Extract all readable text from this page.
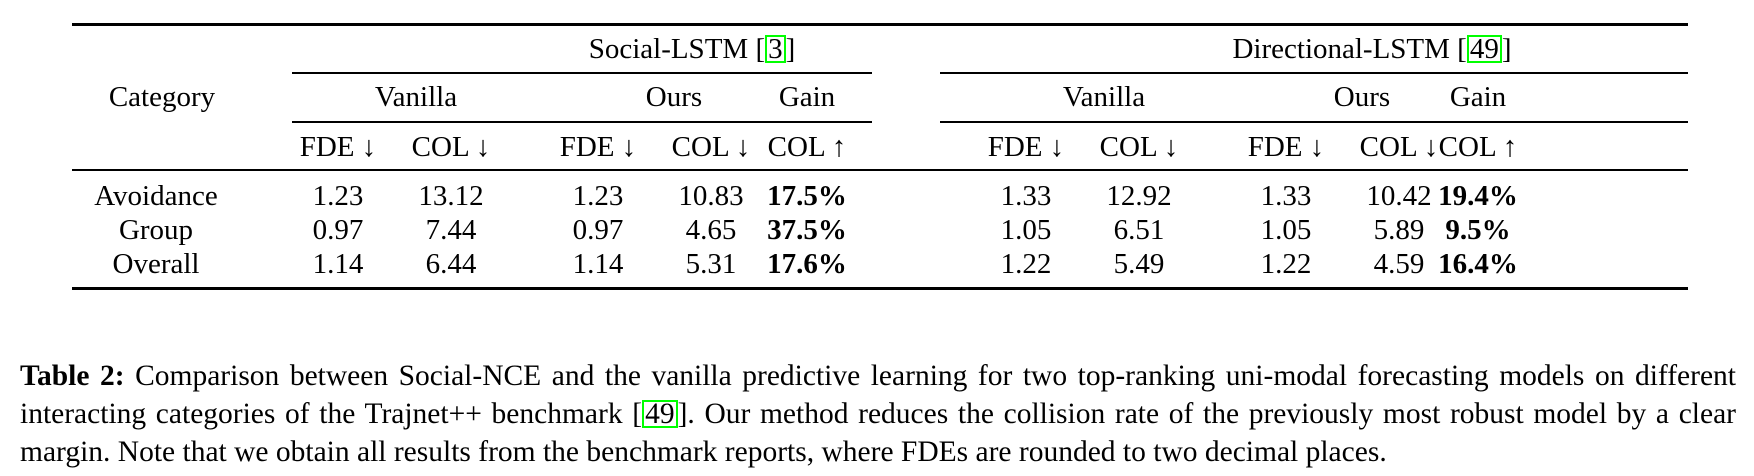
Social-LSTM [ 3 ]	Directional-LSTM [ 49 ]
Category	Vanilla	Ours	Gain	Vanilla	Ours	Gain
FDE ↓	COL ↓	FDE ↓	COL ↓ COL ↑	FDE ↓	COL ↓	FDE ↓	COL ↓ COL ↑
Avoidance	1.23	13.12	1.23	10.83 17.5%	1.33	12.92	1.33	10.42 19.4%
Group	0.97	7.44	0.97	4.65	37.5%	1.05	6.51	1.05	5.89 9.5%
Overall	1.14	6.44	1.14	5.31	17.6%	1.22	5.49	1.22	4.59 16.4%
Table 2: Comparison between Social-NCE and the vanilla predictive learning for two top-ranking uni-modal forecasting models on different interacting categories of the Trajnet++ benchmark [ 49 ]. Our method reduces the collision rate of the previously most robust model by a clear margin. Note that we obtain all results from the benchmark reports, where FDEs are rounded to two decimal places.
